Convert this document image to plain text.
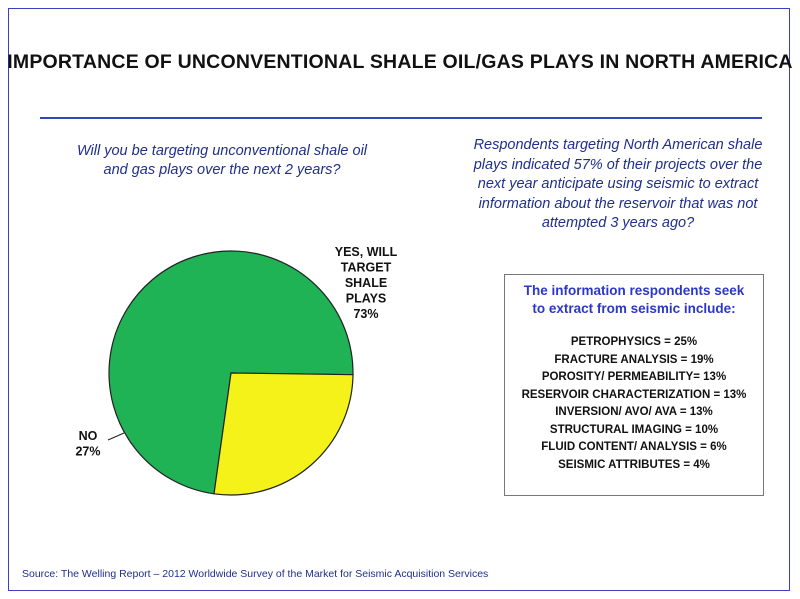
IMPORTANCE OF UNCONVENTIONAL SHALE OIL/GAS PLAYS IN NORTH AMERICA
Will you be targeting unconventional shale oil
and gas plays over the next 2 years?
Respondents targeting North American shale
plays indicated 57% of their projects over the
next year anticipate using seismic to extract
information about the reservoir that was not
attempted 3 years ago?
YES, WILL TARGET SHALE PLAYS 73%
NO 27%
The information respondents seek
to extract from seismic include:
PETROPHYSICS = 25%
FRACTURE ANALYSIS = 19%
POROSITY/ PERMEABILITY= 13%
RESERVOIR CHARACTERIZATION = 13%
INVERSION/ AVO/ AVA = 13%
STRUCTURAL IMAGING = 10%
FLUID CONTENT/ ANALYSIS = 6%
SEISMIC ATTRIBUTES = 4%
Source: The Welling Report – 2012 Worldwide Survey of the Market for Seismic Acquisition Services
